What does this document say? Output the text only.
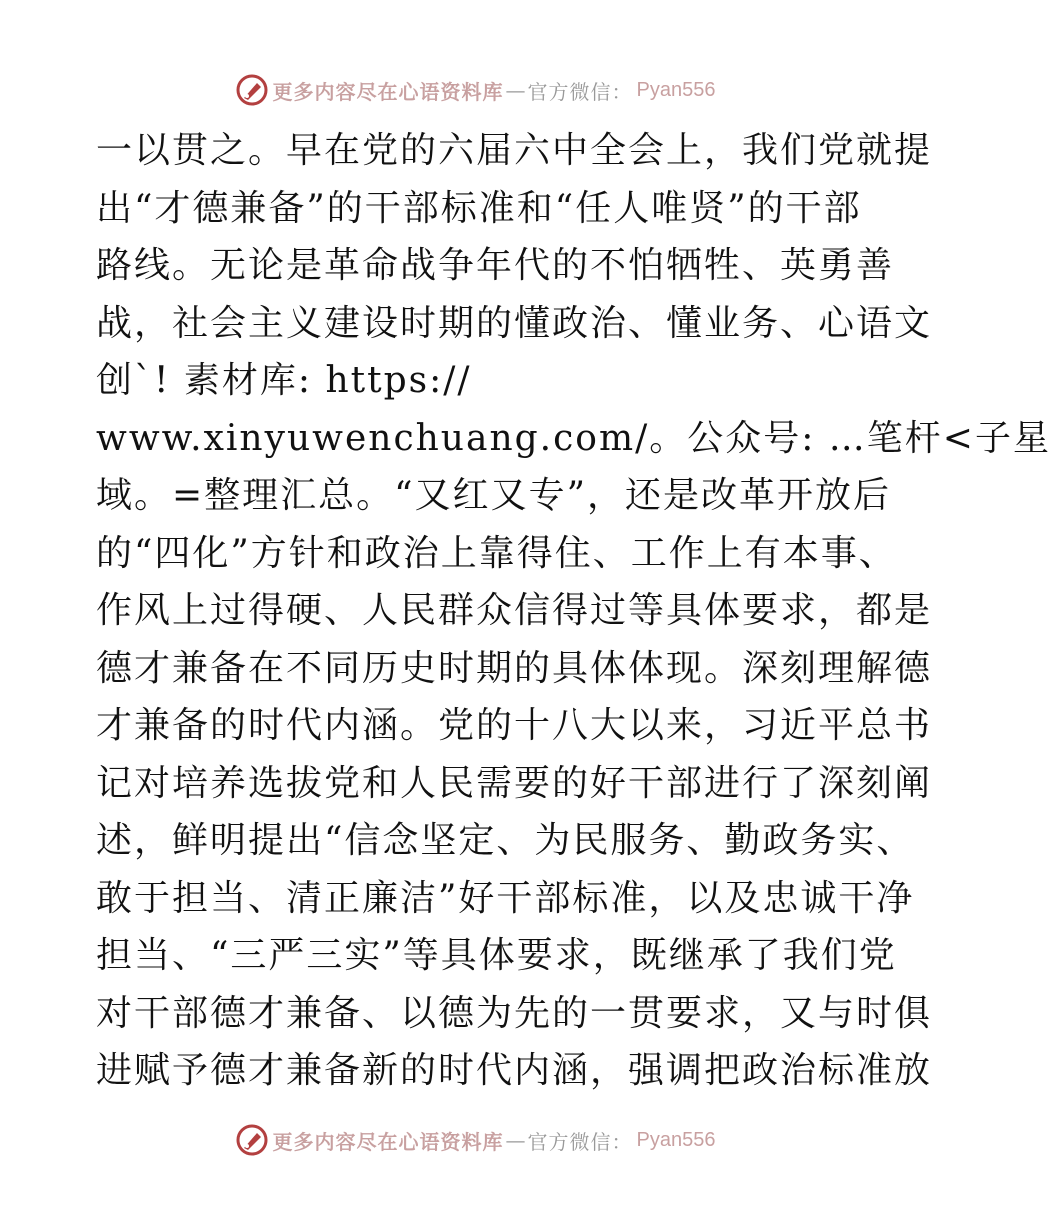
更多内容尽在心语资料库 — 官方微信： Pyan556
一以贯之。早在党的六届六中全会上，我们党就提
出“才德兼备”的干部标准和“任人唯贤”的干部
路线。无论是革命战争年代的不怕牺牲、英勇善
战，社会主义建设时期的懂政治、懂业务、心语文
创`! 素材库: https://
www.xinyuwenchuang.com/。公众号: …笔杆<子星
域。=整理汇总。“又红又专”，还是改革开放后
的“四化”方针和政治上靠得住、工作上有本事、
作风上过得硬、人民群众信得过等具体要求，都是
德才兼备在不同历史时期的具体体现。深刻理解德
才兼备的时代内涵。党的十八大以来，习近平总书
记对培养选拔党和人民需要的好干部进行了深刻阐
述，鲜明提出“信念坚定、为民服务、勤政务实、
敢于担当、清正廉洁”好干部标准，以及忠诚干净
担当、“三严三实”等具体要求，既继承了我们党
对干部德才兼备、以德为先的一贯要求，又与时俱
进赋予德才兼备新的时代内涵，强调把政治标准放
更多内容尽在心语资料库 — 官方微信： Pyan556
